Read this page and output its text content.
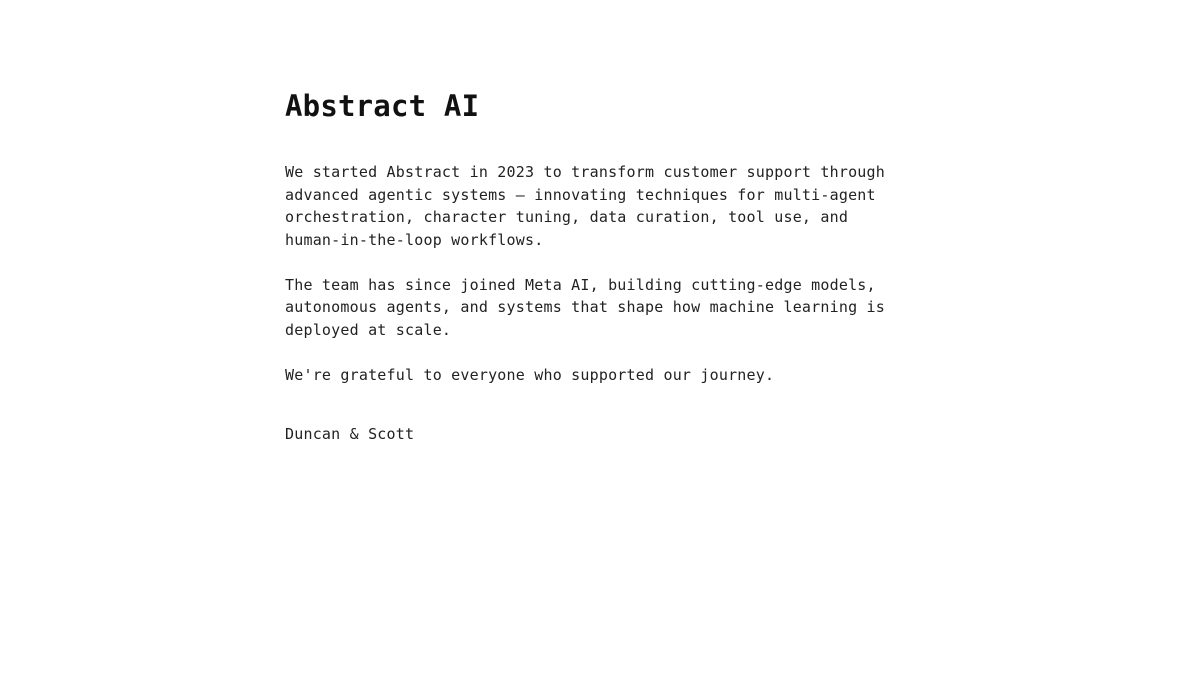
Abstract AI

We started Abstract in 2023 to transform customer support through advanced agentic systems — innovating techniques for multi-agent orchestration, character tuning, data curation, tool use, and human-in-the-loop workflows.

The team has since joined Meta AI, building cutting-edge models, autonomous agents, and systems that shape how machine learning is deployed at scale.

We're grateful to everyone who supported our journey.

Duncan & Scott
